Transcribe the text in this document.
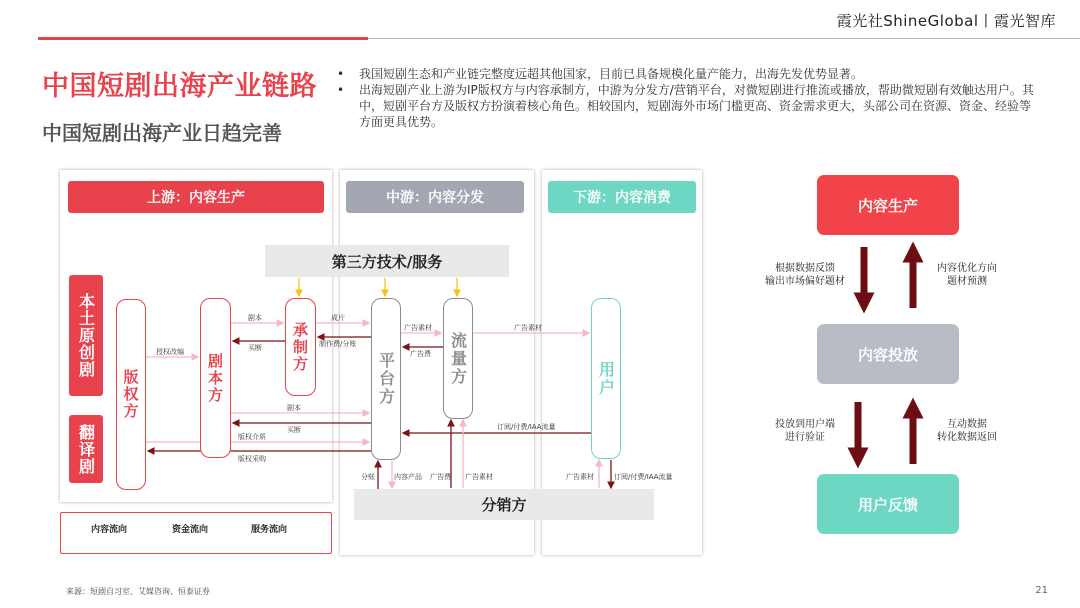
霞光社ShineGlobal丨霞光智库
中国短剧出海产业链路
中国短剧出海产业日趋完善
• 我国短剧生态和产业链完整度远超其他国家，目前已具备规模化量产能力，出海先发优势显著。
• 出海短剧产业上游为IP版权方与内容承制方，中游为分发方/营销平台，对微短剧进行推流或播放，帮助微短剧有效触达用户。其中，短剧平台方及版权方扮演着核心角色。相较国内，短剧海外市场门槛更高、资金需求更大，头部公司在资源、资金、经验等方面更具优势。
上游：内容生产	中游：内容分发	下游：内容消费
第三方技术/服务
分销方
本土原创剧
翻译剧
版权方	剧本方
承制方
平台方	流量方	用户
剧本
买断
成片
制作费/分账
授权改编
广告素材
广告费
广告素材
剧本
买断
版权介质
订阅/付费/IAA流量
版权采购
分账	内容产品 广告费 广告素材	广告素材	订阅/付费/IAA流量
内容流向	资金流向	服务流向
内容生产
内容投放
用户反馈
根据数据反馈
输出市场偏好题材
内容优化方向
题材预测
投放到用户端
进行验证
互动数据
转化数据返回
来源：短剧自习室、艾媒咨询、恒泰证券	21
